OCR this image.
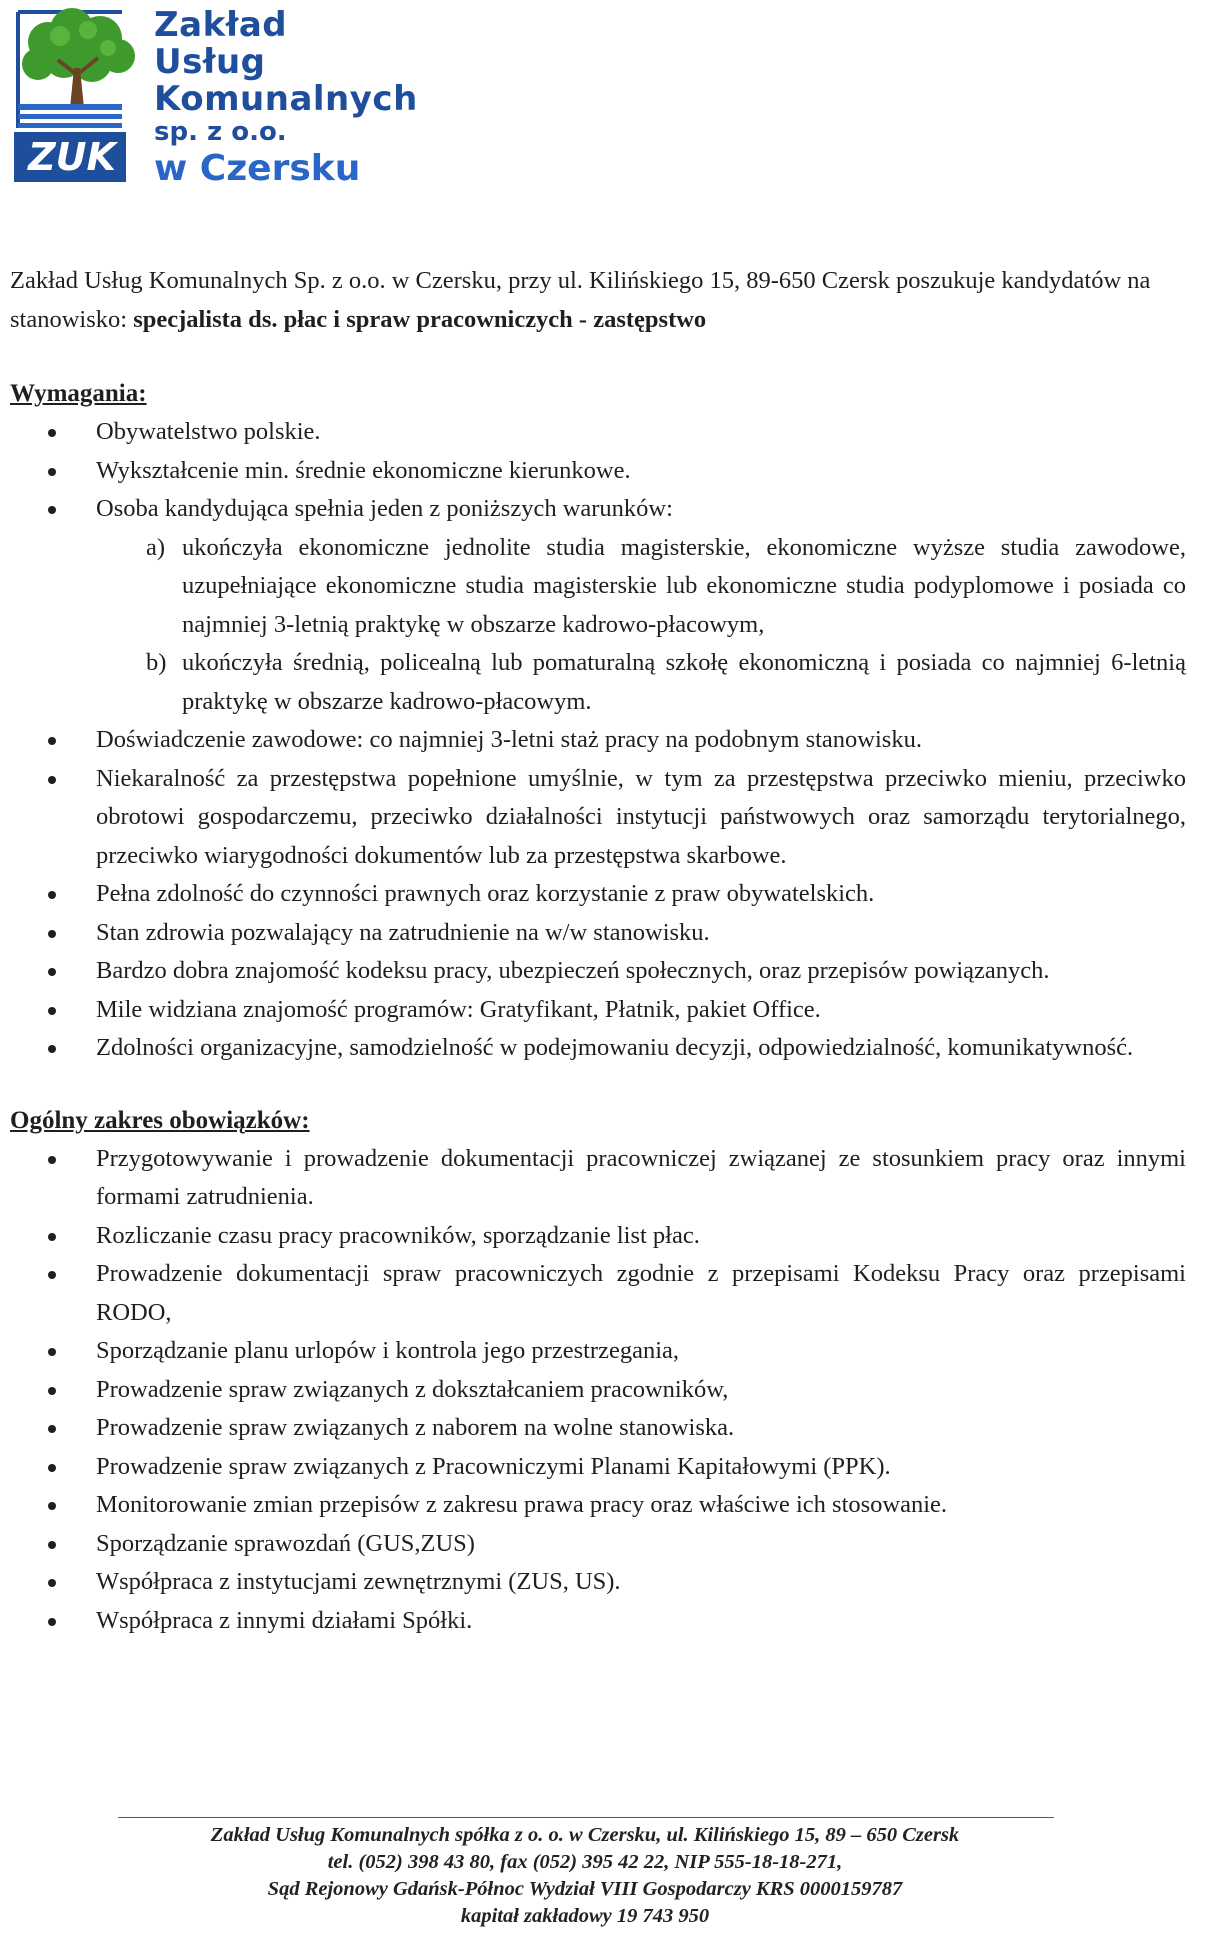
ZUK
Zakład
Usług
Komunalnych
sp. z o.o.
w Czersku

Zakład Usług Komunalnych Sp. z o.o. w Czersku, przy ul. Kilińskiego 15, 89-650 Czersk poszukuje kandydatów na stanowisko: specjalista ds. płac i spraw pracowniczych - zastępstwo

Wymagania:
Obywatelstwo polskie.
Wykształcenie min. średnie ekonomiczne kierunkowe.
Osoba kandydująca spełnia jeden z poniższych warunków:
a) ukończyła ekonomiczne jednolite studia magisterskie, ekonomiczne wyższe studia zawodowe, uzupełniające ekonomiczne studia magisterskie lub ekonomiczne studia podyplomowe i posiada co najmniej 3-letnią praktykę w obszarze kadrowo-płacowym,
b) ukończyła średnią, policealną lub pomaturalną szkołę ekonomiczną i posiada co najmniej 6-letnią praktykę w obszarze kadrowo-płacowym.
Doświadczenie zawodowe: co najmniej 3-letni staż pracy na podobnym stanowisku.
Niekaralność za przestępstwa popełnione umyślnie, w tym za przestępstwa przeciwko mieniu, przeciwko obrotowi gospodarczemu, przeciwko działalności instytucji państwowych oraz samorządu terytorialnego, przeciwko wiarygodności dokumentów lub za przestępstwa skarbowe.
Pełna zdolność do czynności prawnych oraz korzystanie z praw obywatelskich.
Stan zdrowia pozwalający na zatrudnienie na w/w stanowisku.
Bardzo dobra znajomość kodeksu pracy, ubezpieczeń społecznych, oraz przepisów powiązanych.
Mile widziana znajomość programów: Gratyfikant, Płatnik, pakiet Office.
Zdolności organizacyjne, samodzielność w podejmowaniu decyzji, odpowiedzialność, komunikatywność.
Ogólny zakres obowiązków:
Przygotowywanie i prowadzenie dokumentacji pracowniczej związanej ze stosunkiem pracy oraz innymi formami zatrudnienia.
Rozliczanie czasu pracy pracowników, sporządzanie list płac.
Prowadzenie dokumentacji spraw pracowniczych zgodnie z przepisami Kodeksu Pracy oraz przepisami RODO,
Sporządzanie planu urlopów i kontrola jego przestrzegania,
Prowadzenie spraw związanych z dokształcaniem pracowników,
Prowadzenie spraw związanych z naborem na wolne stanowiska.
Prowadzenie spraw związanych z Pracowniczymi Planami Kapitałowymi (PPK).
Monitorowanie zmian przepisów z zakresu prawa pracy oraz właściwe ich stosowanie.
Sporządzanie sprawozdań (GUS,ZUS)
Współpraca z instytucjami zewnętrznymi (ZUS, US).
Współpraca z innymi działami Spółki.
Zakład Usług Komunalnych spółka z o. o. w Czersku, ul. Kilińskiego 15, 89 – 650 Czersk
tel. (052) 398 43 80, fax (052) 395 42 22, NIP 555-18-18-271,
Sąd Rejonowy Gdańsk-Północ Wydział VIII Gospodarczy KRS 0000159787
kapitał zakładowy 19 743 950
